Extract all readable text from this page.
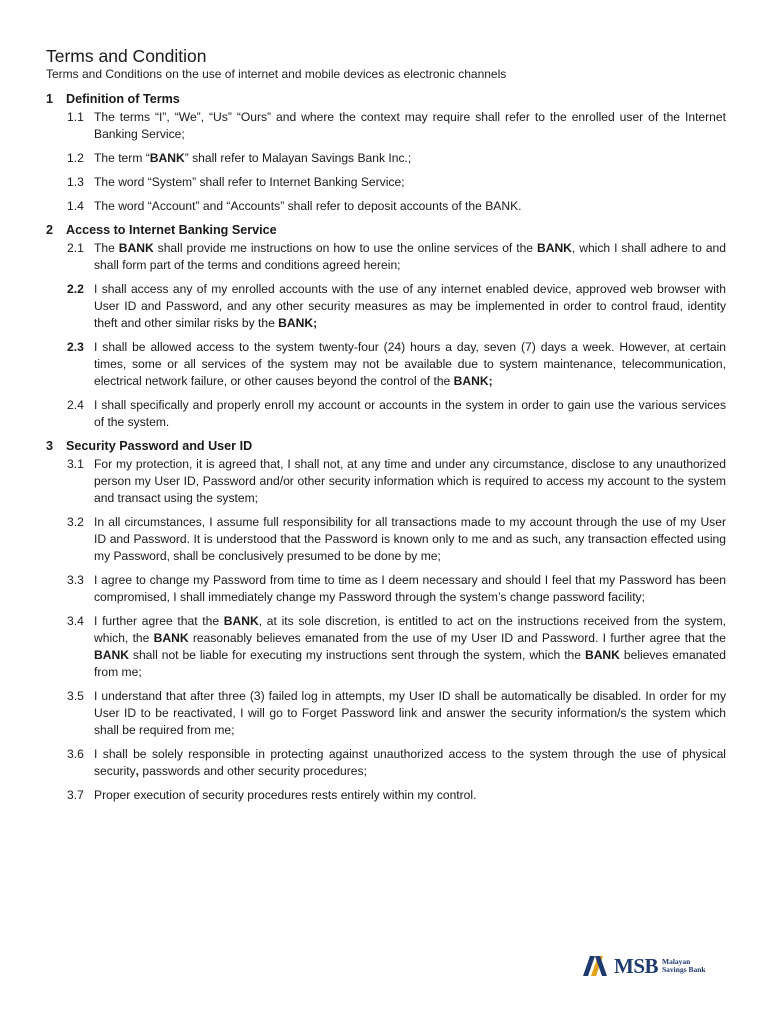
Terms and Condition
Terms and Conditions on the use of internet and mobile devices as electronic channels
1	Definition of Terms
1.1 The terms “I”, “We”, “Us” “Ours” and where the context may require shall refer to the enrolled user of the Internet Banking Service;
1.2 The term “BANK” shall refer to Malayan Savings Bank Inc.;
1.3 The word “System” shall refer to Internet Banking Service;
1.4 The word “Account” and “Accounts” shall refer to deposit accounts of the BANK.
2	Access to Internet Banking Service
2.1 The BANK shall provide me instructions on how to use the online services of the BANK, which I shall adhere to and shall form part of the terms and conditions agreed herein;
2.2 I shall access any of my enrolled accounts with the use of any internet enabled device, approved web browser with User ID and Password, and any other security measures as may be implemented in order to control fraud, identity theft and other similar risks by the BANK;
2.3 I shall be allowed access to the system twenty-four (24) hours a day, seven (7) days a week. However, at certain times, some or all services of the system may not be available due to system maintenance, telecommunication, electrical network failure, or other causes beyond the control of the BANK;
2.4 I shall specifically and properly enroll my account or accounts in the system in order to gain use the various services of the system.
3	Security Password and User ID
3.1 For my protection, it is agreed that, I shall not, at any time and under any circumstance, disclose to any unauthorized person my User ID, Password and/or other security information which is required to access my account to the system and transact using the system;
3.2 In all circumstances, I assume full responsibility for all transactions made to my account through the use of my User ID and Password. It is understood that the Password is known only to me and as such, any transaction effected using my Password, shall be conclusively presumed to be done by me;
3.3 I agree to change my Password from time to time as I deem necessary and should I feel that my Password has been compromised, I shall immediately change my Password through the system’s change password facility;
3.4 I further agree that the BANK, at its sole discretion, is entitled to act on the instructions received from the system, which, the BANK reasonably believes emanated from the use of my User ID and Password. I further agree that the BANK shall not be liable for executing my instructions sent through the system, which the BANK believes emanated from me;
3.5 I understand that after three (3) failed log in attempts, my User ID shall be automatically be disabled. In order for my User ID to be reactivated, I will go to Forget Password link and answer the security information/s the system which shall be required from me;
3.6 I shall be solely responsible in protecting against unauthorized access to the system through the use of physical security, passwords and other security procedures;
3.7 Proper execution of security procedures rests entirely within my control.
MSB Malayan
Savings Bank
